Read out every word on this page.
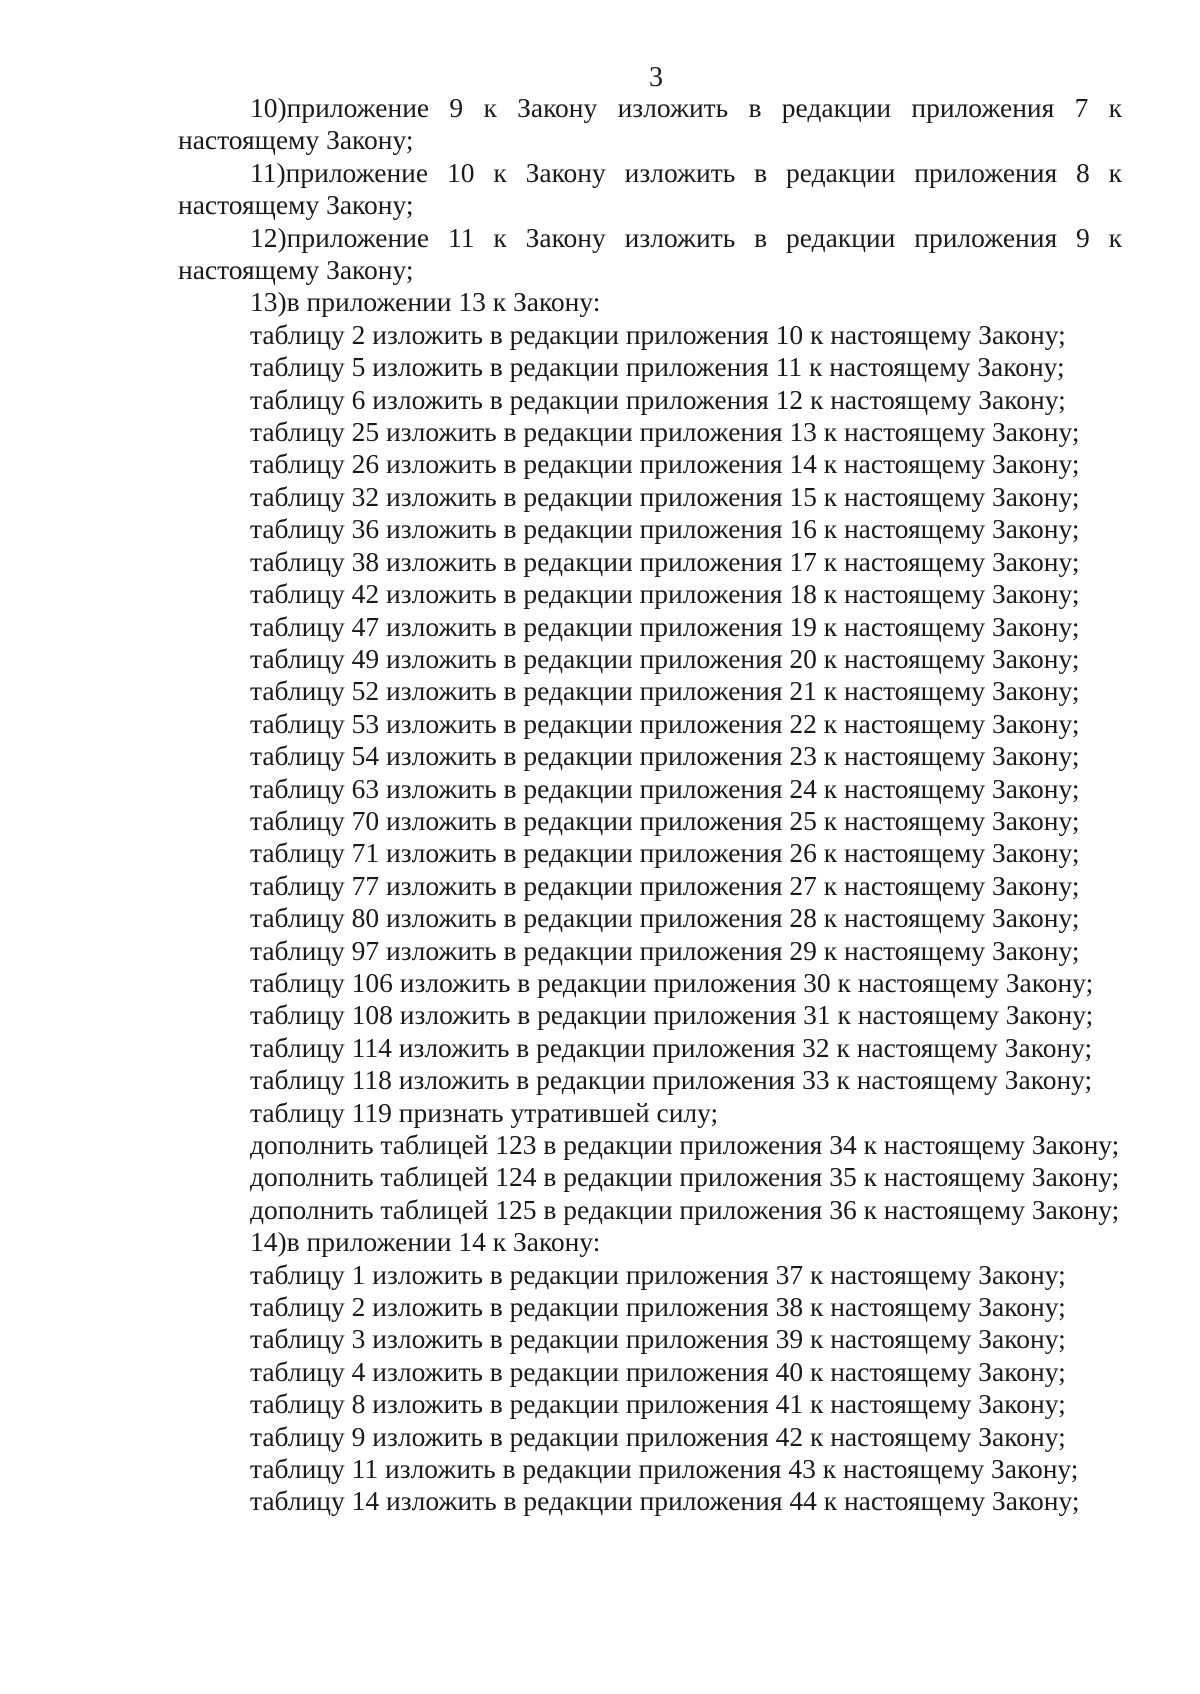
3

10)приложение 9 к Закону изложить в редакции приложения 7 к настоящему Закону;

11)приложение 10 к Закону изложить в редакции приложения 8 к настоящему Закону;

12)приложение 11 к Закону изложить в редакции приложения 9 к настоящему Закону;

13)в приложении 13 к Закону:

таблицу 2 изложить в редакции приложения 10 к настоящему Закону;

таблицу 5 изложить в редакции приложения 11 к настоящему Закону;

таблицу 6 изложить в редакции приложения 12 к настоящему Закону;

таблицу 25 изложить в редакции приложения 13 к настоящему Закону;

таблицу 26 изложить в редакции приложения 14 к настоящему Закону;

таблицу 32 изложить в редакции приложения 15 к настоящему Закону;

таблицу 36 изложить в редакции приложения 16 к настоящему Закону;

таблицу 38 изложить в редакции приложения 17 к настоящему Закону;

таблицу 42 изложить в редакции приложения 18 к настоящему Закону;

таблицу 47 изложить в редакции приложения 19 к настоящему Закону;

таблицу 49 изложить в редакции приложения 20 к настоящему Закону;

таблицу 52 изложить в редакции приложения 21 к настоящему Закону;

таблицу 53 изложить в редакции приложения 22 к настоящему Закону;

таблицу 54 изложить в редакции приложения 23 к настоящему Закону;

таблицу 63 изложить в редакции приложения 24 к настоящему Закону;

таблицу 70 изложить в редакции приложения 25 к настоящему Закону;

таблицу 71 изложить в редакции приложения 26 к настоящему Закону;

таблицу 77 изложить в редакции приложения 27 к настоящему Закону;

таблицу 80 изложить в редакции приложения 28 к настоящему Закону;

таблицу 97 изложить в редакции приложения 29 к настоящему Закону;

таблицу 106 изложить в редакции приложения 30 к настоящему Закону;

таблицу 108 изложить в редакции приложения 31 к настоящему Закону;

таблицу 114 изложить в редакции приложения 32 к настоящему Закону;

таблицу 118 изложить в редакции приложения 33 к настоящему Закону;

таблицу 119 признать утратившей силу;

дополнить таблицей 123 в редакции приложения 34 к настоящему Закону;

дополнить таблицей 124 в редакции приложения 35 к настоящему Закону;

дополнить таблицей 125 в редакции приложения 36 к настоящему Закону;

14)в приложении 14 к Закону:

таблицу 1 изложить в редакции приложения 37 к настоящему Закону;

таблицу 2 изложить в редакции приложения 38 к настоящему Закону;

таблицу 3 изложить в редакции приложения 39 к настоящему Закону;

таблицу 4 изложить в редакции приложения 40 к настоящему Закону;

таблицу 8 изложить в редакции приложения 41 к настоящему Закону;

таблицу 9 изложить в редакции приложения 42 к настоящему Закону;

таблицу 11 изложить в редакции приложения 43 к настоящему Закону;

таблицу 14 изложить в редакции приложения 44 к настоящему Закону;
